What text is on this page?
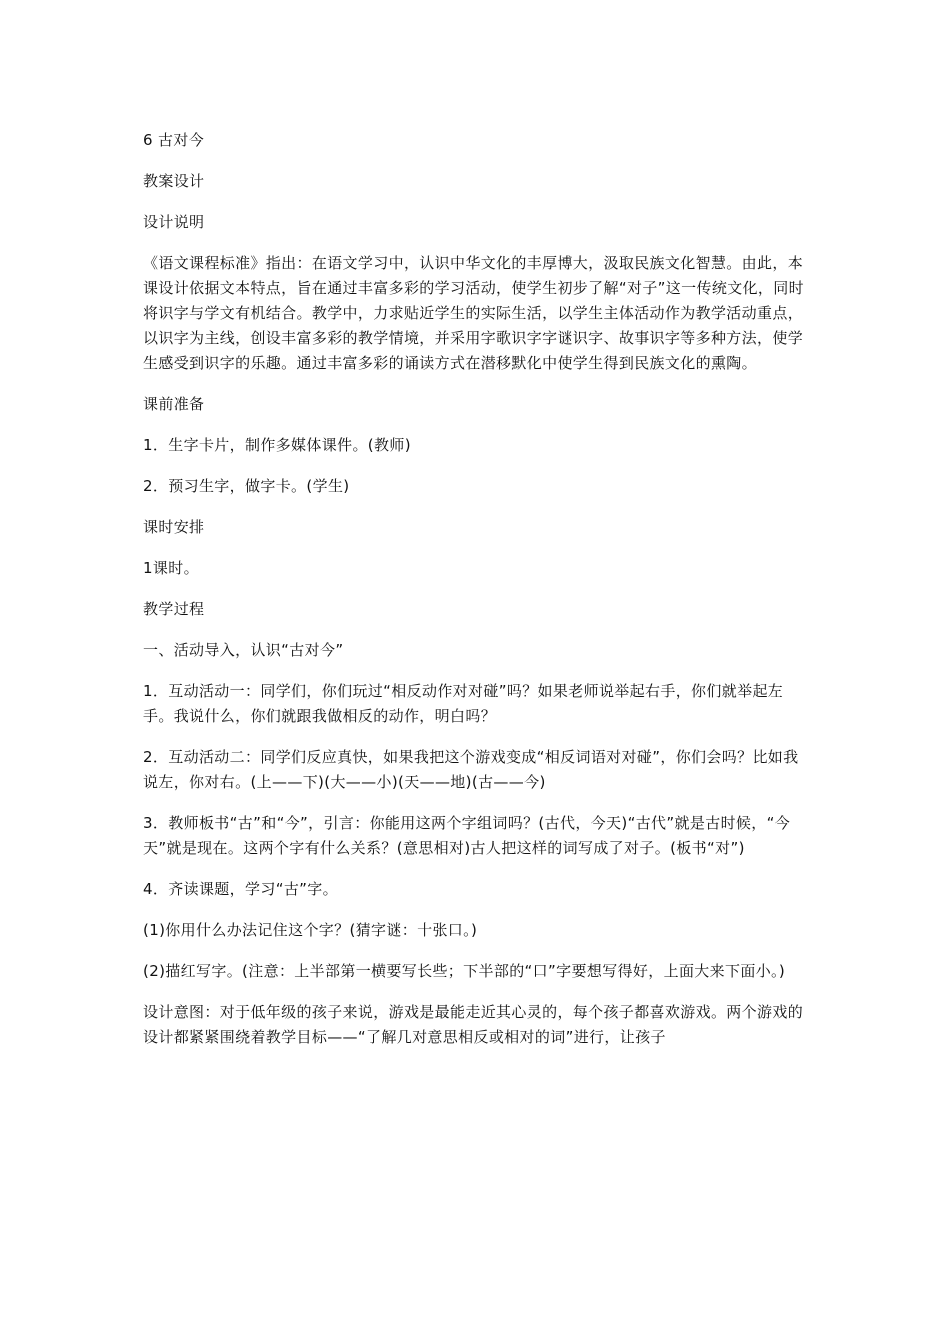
6 古对今

教案设计

设计说明

《语文课程标准》指出：在语文学习中，认识中华文化的丰厚博大，汲取民族文化智慧。由此，本课设计依据文本特点，旨在通过丰富多彩的学习活动，使学生初步了解“对子”这一传统文化，同时将识字与学文有机结合。教学中，力求贴近学生的实际生活，以学生主体活动作为教学活动重点，以识字为主线，创设丰富多彩的教学情境，并采用字歌识字字谜识字、故事识字等多种方法，使学生感受到识字的乐趣。通过丰富多彩的诵读方式在潜移默化中使学生得到民族文化的熏陶。

课前准备

1．生字卡片，制作多媒体课件。(教师)

2．预习生字，做字卡。(学生)

课时安排

1课时。

教学过程

一、活动导入，认识“古对今”

1．互动活动一：同学们，你们玩过“相反动作对对碰”吗？如果老师说举起右手，你们就举起左手。我说什么，你们就跟我做相反的动作，明白吗？

2．互动活动二：同学们反应真快，如果我把这个游戏变成“相反词语对对碰”，你们会吗？比如我说左，你对右。(上——下)(大——小)(天——地)(古——今)

3．教师板书“古”和“今”，引言：你能用这两个字组词吗？(古代，今天)“古代”就是古时候，“今天”就是现在。这两个字有什么关系？(意思相对)古人把这样的词写成了对子。(板书“对”)

4．齐读课题，学习“古”字。

(1)你用什么办法记住这个字？(猜字谜：十张口。)

(2)描红写字。(注意：上半部第一横要写长些；下半部的“口”字要想写得好，上面大来下面小。)

设计意图：对于低年级的孩子来说，游戏是最能走近其心灵的，每个孩子都喜欢游戏。两个游戏的设计都紧紧围绕着教学目标——“了解几对意思相反或相对的词”进行，让孩子
